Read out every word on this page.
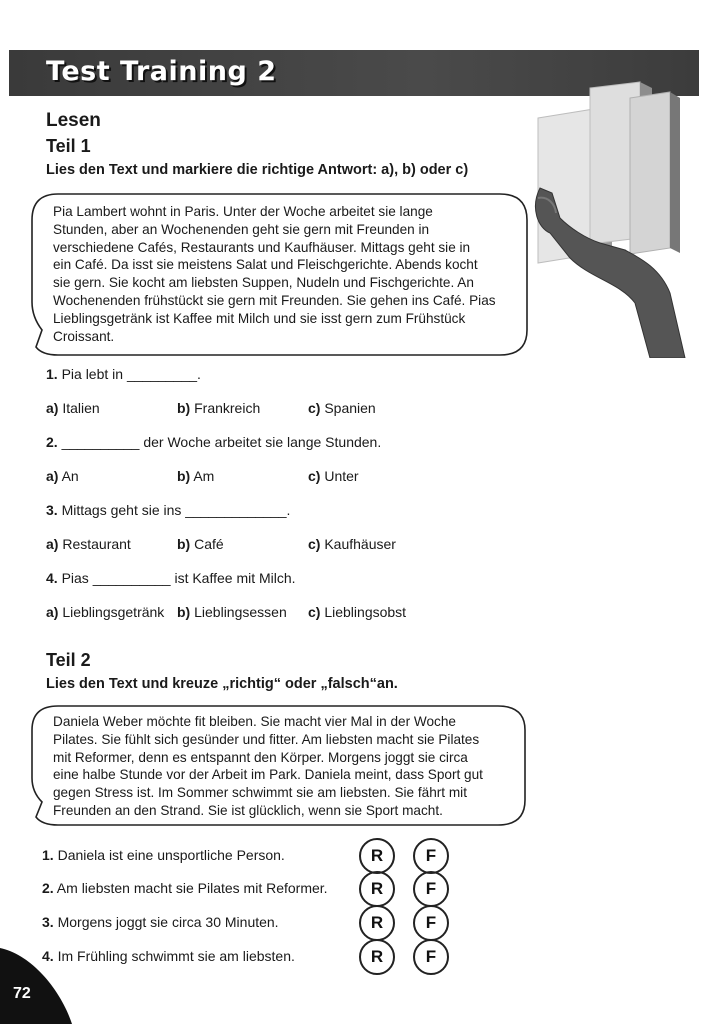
Test Training 2
Lesen
Teil 1
Lies den Text und markiere die richtige Antwort: a), b) oder c)
Pia Lambert wohnt in Paris. Unter der Woche arbeitet sie lange
Stunden, aber an Wochenenden geht sie gern mit Freunden in
verschiedene Cafés, Restaurants und Kaufhäuser. Mittags geht sie in
ein Café. Da isst sie meistens Salat und Fleischgerichte. Abends kocht
sie gern. Sie kocht am liebsten Suppen, Nudeln und Fischgerichte. An
Wochenenden frühstückt sie gern mit Freunden. Sie gehen ins Café. Pias
Lieblingsgetränk ist Kaffee mit Milch und sie isst gern zum Frühstück
Croissant.
1. Pia lebt in _________.
a) Italien	b) Frankreich	c) Spanien
2. __________ der Woche arbeitet sie lange Stunden.
a) An	b) Am	c) Unter
3. Mittags geht sie ins _____________.
a) Restaurant	b) Café	c) Kaufhäuser
4. Pias __________ ist Kaffee mit Milch.
a) Lieblingsgetränk b) Lieblingsessen c) Lieblingsobst
Teil 2
Lies den Text und kreuze „richtig“ oder „falsch“an.
Daniela Weber möchte fit bleiben. Sie macht vier Mal in der Woche
Pilates. Sie fühlt sich gesünder und fitter. Am liebsten macht sie Pilates
mit Reformer, denn es entspannt den Körper. Morgens joggt sie circa
eine halbe Stunde vor der Arbeit im Park. Daniela meint, dass Sport gut
gegen Stress ist. Im Sommer schwimmt sie am liebsten. Sie fährt mit
Freunden an den Strand. Sie ist glücklich, wenn sie Sport macht.
1. Daniela ist eine unsportliche Person.	R	F
2. Am liebsten macht sie Pilates mit Reformer.	R	F
3. Morgens joggt sie circa 30 Minuten.	R	F
4. Im Frühling schwimmt sie am liebsten.	R	F
72
